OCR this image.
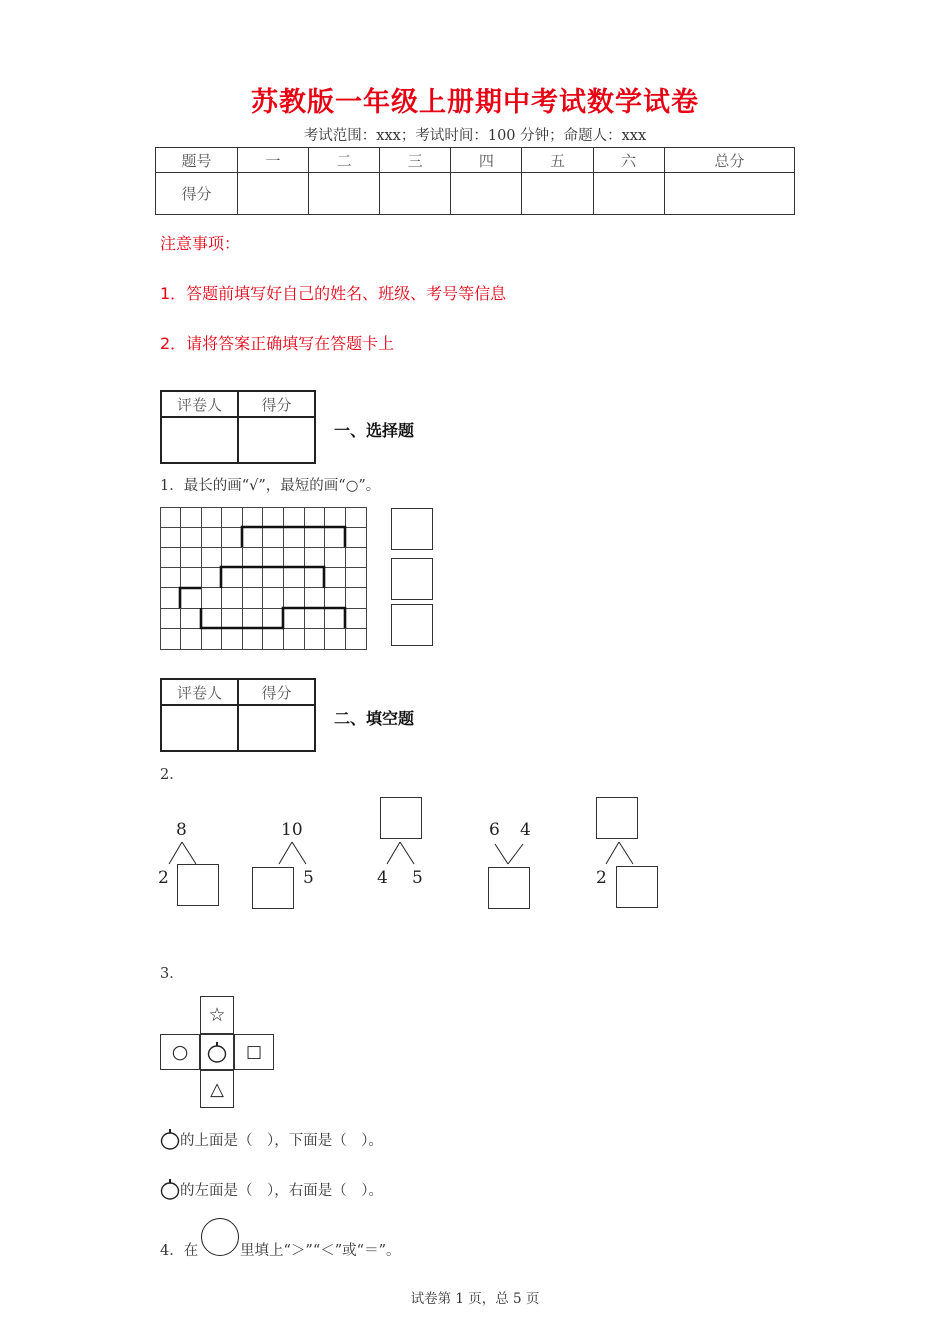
苏教版一年级上册期中考试数学试卷
考试范围：xxx；考试时间：100 分钟；命题人：xxx
题号	一	二	三	四	五	六	总分
得分							
注意事项：
1．答题前填写好自己的姓名、班级、考号等信息
2．请将答案正确填写在答题卡上
评卷人	得分

一、选择题
1．最长的画“√”，最短的画“○”。
评卷人	得分

二、填空题
2．
8
2
10
5	4 5
6 4
2
3．
☆
○	□
△
的上面是（　），下面是（　）。
的左面是（　），右面是（　）。
4．在	里填上“＞”“＜”或“＝”。
试卷第 1 页，总 5 页
